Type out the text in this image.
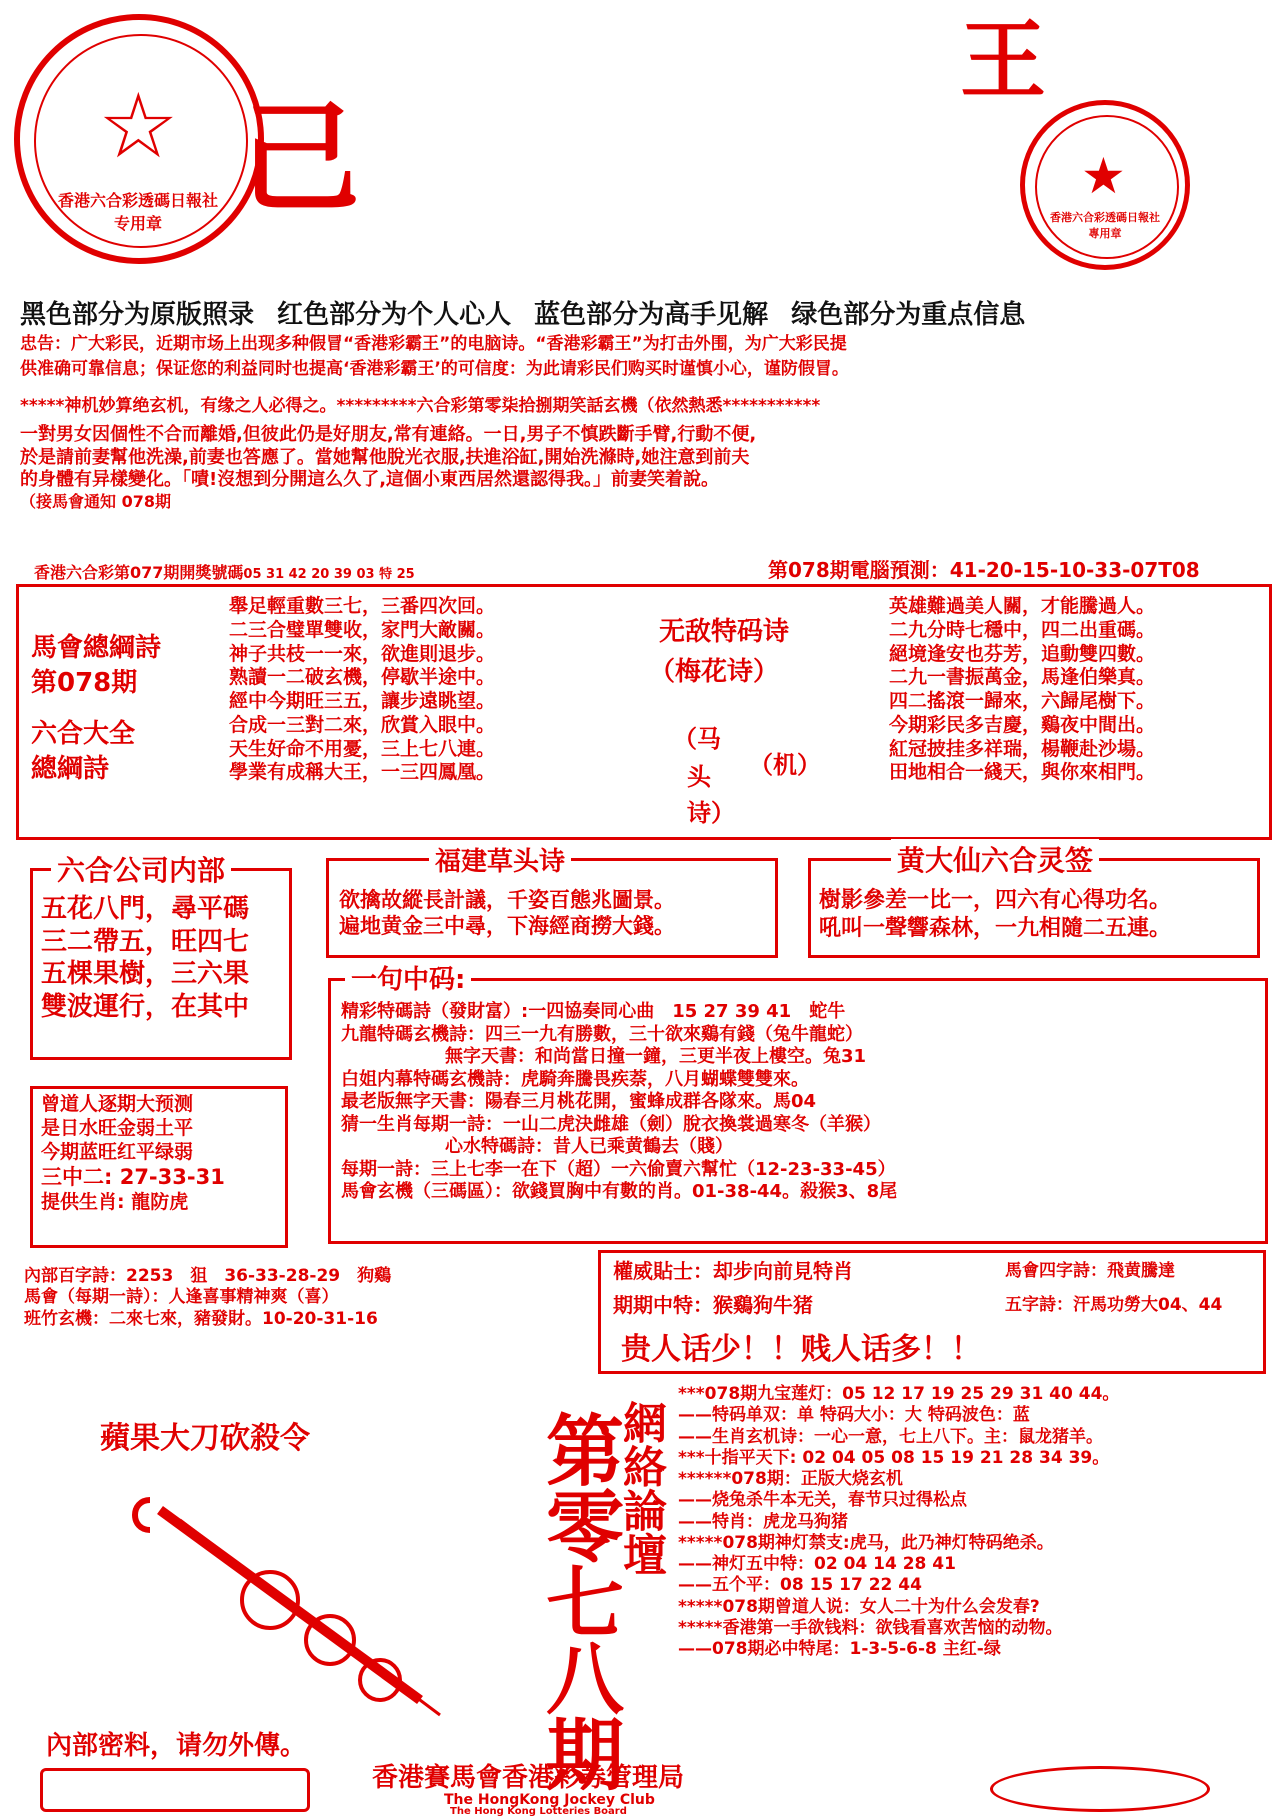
☆
香港六合彩透碼日報社 专用章 己
王
★
香港六合彩透碼日報社 專用章
黑色部分为原版照录 红色部分为个人心人 蓝色部分为高手见解 绿色部分为重点信息
忠告：广大彩民，近期市场上出现多种假冒“香港彩霸王”的电脑诗。“香港彩霸王”为打击外围，为广大彩民提
供准确可靠信息；保证您的利益同时也提高‘香港彩霸王’的可信度：为此请彩民们购买时谨慎小心，谨防假冒。
*****神机妙算绝玄机，有缘之人必得之。*********六合彩第零柒拾捌期笑話玄機（依然熱悉***********
一對男女因個性不合而離婚,但彼此仍是好朋友,常有連絡。一日,男子不慎跌斷手臂,行動不便,
於是請前妻幫他洗澡,前妻也答應了。當她幫他脫光衣服,扶進浴缸,開始洗滌時,她注意到前夫
的身體有异樣變化。「嘖!沒想到分開這么久了,這個小東西居然還認得我。」前妻笑着說。
（接馬會通知 078期
香港六合彩第077期開獎號碼05 31 42 20 39 03 特 25	第078期電腦預測：41-20-15-10-33-07T08
馬會總綱詩
第078期
六合大全
總綱詩
舉足輕重數三七，三番四次回。
二三合璧單雙收，家門大敵關。
神子共枝一一來，欲進則退步。
熟讀一二破玄機，停歇半途中。
經中今期旺三五，讓步遠眺望。
合成一三對二來，欣賞入眼中。
天生好命不用憂，三上七八連。
學業有成稱大王，一三四鳳凰。
无敌特码诗
（梅花诗）
（马
头 （机）
诗）
英雄難過美人關，才能騰過人。
二九分時七穩中，四二出重碼。
絕境逢安也芬芳，追動雙四數。
二九一書振萬金，馬逢伯樂真。
四二搖滾一歸來，六歸尾樹下。
今期彩民多吉慶，鷄夜中間出。
紅冠披挂多祥瑞，楊鞭赴沙場。
田地相合一綫天，與你來相門。
六合公司内部
五花八門，尋平碼
三二帶五，旺四七
五棵果樹，三六果
雙波運行，在其中
福建草头诗
欲擒故縱長計議，千姿百態兆圖景。
遍地黄金三中尋，下海經商撈大錢。
黄大仙六合灵签
樹影參差一比一，四六有心得功名。
吼叫一聲響森林，一九相隨二五連。
一句中码:
精彩特碼詩（發財富）:一四協奏同心曲　15 27 39 41　蛇牛
九龍特碼玄機詩：四三一九有勝數，三十欲來鷄有錢（兔牛龍蛇）
無字天書：和尚當日撞一鐘，三更半夜上樓空。兔31
白姐内幕特碼玄機詩：虎騎奔騰畏疾萘，八月蝴蝶雙雙來。
最老版無字天書：陽春三月桃花開，蜜蜂成群各隊來。馬04
猜一生肖每期一詩：一山二虎決雌雄（劍）脫衣換裳過寒冬（羊猴）
心水特碼詩：昔人已乘黄鶴去（賤）
每期一詩：三上七李一在下（超）一六偷賣六幫忙（12-23-33-45）
馬會玄機（三碼區）：欲錢買胸中有數的肖。01-38-44。殺猴3、8尾
曾道人逐期大预测
是日水旺金弱土平
今期蓝旺红平绿弱
三中二: 27-33-31
提供生肖: 龍防虎
內部百字詩：2253　狙　36-33-28-29　狗鷄
馬會（每期一詩）：人逢喜事精神爽（喜）
班竹玄機：二來七來，豬發財。10-20-31-16
權威貼士：却步向前見特肖	馬會四字詩：飛黄騰達
期期中特：猴鷄狗牛猪	五字詩：汗馬功勞大04、44
贵人话少！！贱人话多！！
蘋果大刀砍殺令
內部密料，请勿外傳。	第零七八期
網絡論壇
***078期九宝莲灯：05 12 17 19 25 29 31 40 44。
——特码单双：单 特码大小：大 特码波色：蓝
——生肖玄机诗：一心一意，七上八下。主：鼠龙猪羊。
***十指平天下: 02 04 05 08 15 19 21 28 34 39。
******078期：正版大烧玄机
——烧兔杀牛本无关，春节只过得松点
——特肖：虎龙马狗猪
*****078期神灯禁支:虎马，此乃神灯特码绝杀。
——神灯五中特：02 04 14 28 41
——五个平：08 15 17 22 44
*****078期曾道人说：女人二十为什么会发春?
*****香港第一手欲钱料：欲钱看喜欢苦恼的动物。
——078期必中特尾：1-3-5-6-8 主红-绿
香港賽馬會香港彩券管理局
The HongKong Jockey Club
The Hong Kong Lotteries Board
